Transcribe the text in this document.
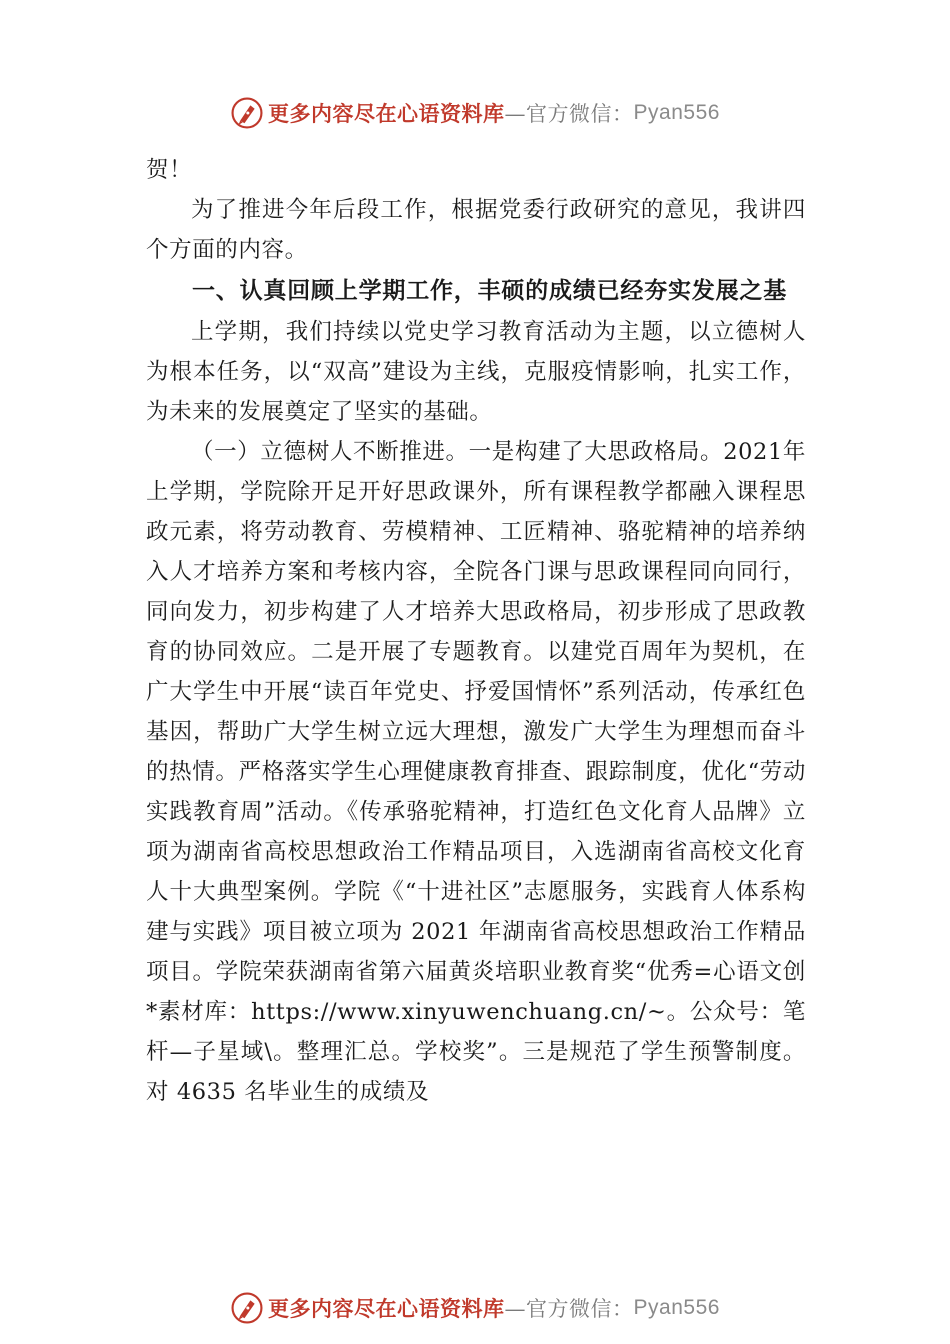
更多内容尽在心语资料库 —官方微信： Pyan556

贺！

为了推进今年后段工作，根据党委行政研究的意见，我讲四个方面的内容。

一、认真回顾上学期工作，丰硕的成绩已经夯实发展之基

上学期，我们持续以党史学习教育活动为主题，以立德树人为根本任务，以“双高”建设为主线，克服疫情影响，扎实工作，为未来的发展奠定了坚实的基础。

（一）立德树人不断推进。一是构建了大思政格局。2021年上学期，学院除开足开好思政课外，所有课程教学都融入课程思政元素，将劳动教育、劳模精神、工匠精神、骆驼精神的培养纳入人才培养方案和考核内容，全院各门课与思政课程同向同行，同向发力，初步构建了人才培养大思政格局，初步形成了思政教育的协同效应。二是开展了专题教育。以建党百周年为契机，在广大学生中开展“读百年党史、抒爱国情怀”系列活动，传承红色基因，帮助广大学生树立远大理想，激发广大学生为理想而奋斗的热情。严格落实学生心理健康教育排查、跟踪制度，优化“劳动实践教育周”活动。《传承骆驼精神，打造红色文化育人品牌》立项为湖南省高校思想政治工作精品项目，入选湖南省高校文化育人十大典型案例。学院《“十进社区”志愿服务，实践育人体系构建与实践》项目被立项为 2021 年湖南省高校思想政治工作精品项目。学院荣获湖南省第六届黄炎培职业教育奖“优秀=心语文创*素材库：https://www.xinyuwenchuang.cn/~。公众号：笔杆—子星域\。整理汇总。学校奖”。三是规范了学生预警制度。对 4635 名毕业生的成绩及

更多内容尽在心语资料库 —官方微信： Pyan556
